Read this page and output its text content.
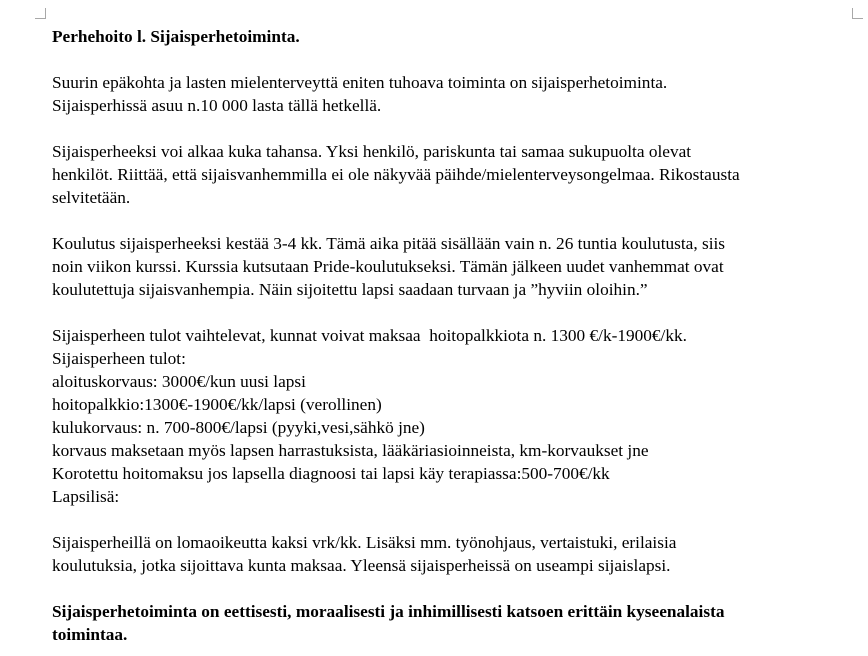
Perhehoito l. Sijaisperhetoiminta.
Suurin epäkohta ja lasten mielenterveyttä eniten tuhoava toiminta on sijaisperhetoiminta.
Sijaisperhissä asuu n.10 000 lasta tällä hetkellä.
Sijaisperheeksi voi alkaa kuka tahansa. Yksi henkilö, pariskunta tai samaa sukupuolta olevat
henkilöt. Riittää, että sijaisvanhemmilla ei ole näkyvää päihde/mielenterveysongelmaa. Rikostausta
selvitetään.
Koulutus sijaisperheeksi kestää 3-4 kk. Tämä aika pitää sisällään vain n. 26 tuntia koulutusta, siis
noin viikon kurssi. Kurssia kutsutaan Pride-koulutukseksi. Tämän jälkeen uudet vanhemmat ovat
koulutettuja sijaisvanhempia. Näin sijoitettu lapsi saadaan turvaan ja ”hyviin oloihin.”
Sijaisperheen tulot vaihtelevat, kunnat voivat maksaa  hoitopalkkiota n. 1300 €/k-1900€/kk.
Sijaisperheen tulot:
aloituskorvaus: 3000€/kun uusi lapsi
hoitopalkkio:1300€-1900€/kk/lapsi (verollinen)
kulukorvaus: n. 700-800€/lapsi (pyyki,vesi,sähkö jne)
korvaus maksetaan myös lapsen harrastuksista, lääkäriasioinneista, km-korvaukset jne
Korotettu hoitomaksu jos lapsella diagnoosi tai lapsi käy terapiassa:500-700€/kk
Lapsilisä:
Sijaisperheillä on lomaoikeutta kaksi vrk/kk. Lisäksi mm. työnohjaus, vertaistuki, erilaisia
koulutuksia, jotka sijoittava kunta maksaa. Yleensä sijaisperheissä on useampi sijaislapsi.
Sijaisperhetoiminta on eettisesti, moraalisesti ja inhimillisesti katsoen erittäin kyseenalaista
toimintaa.
